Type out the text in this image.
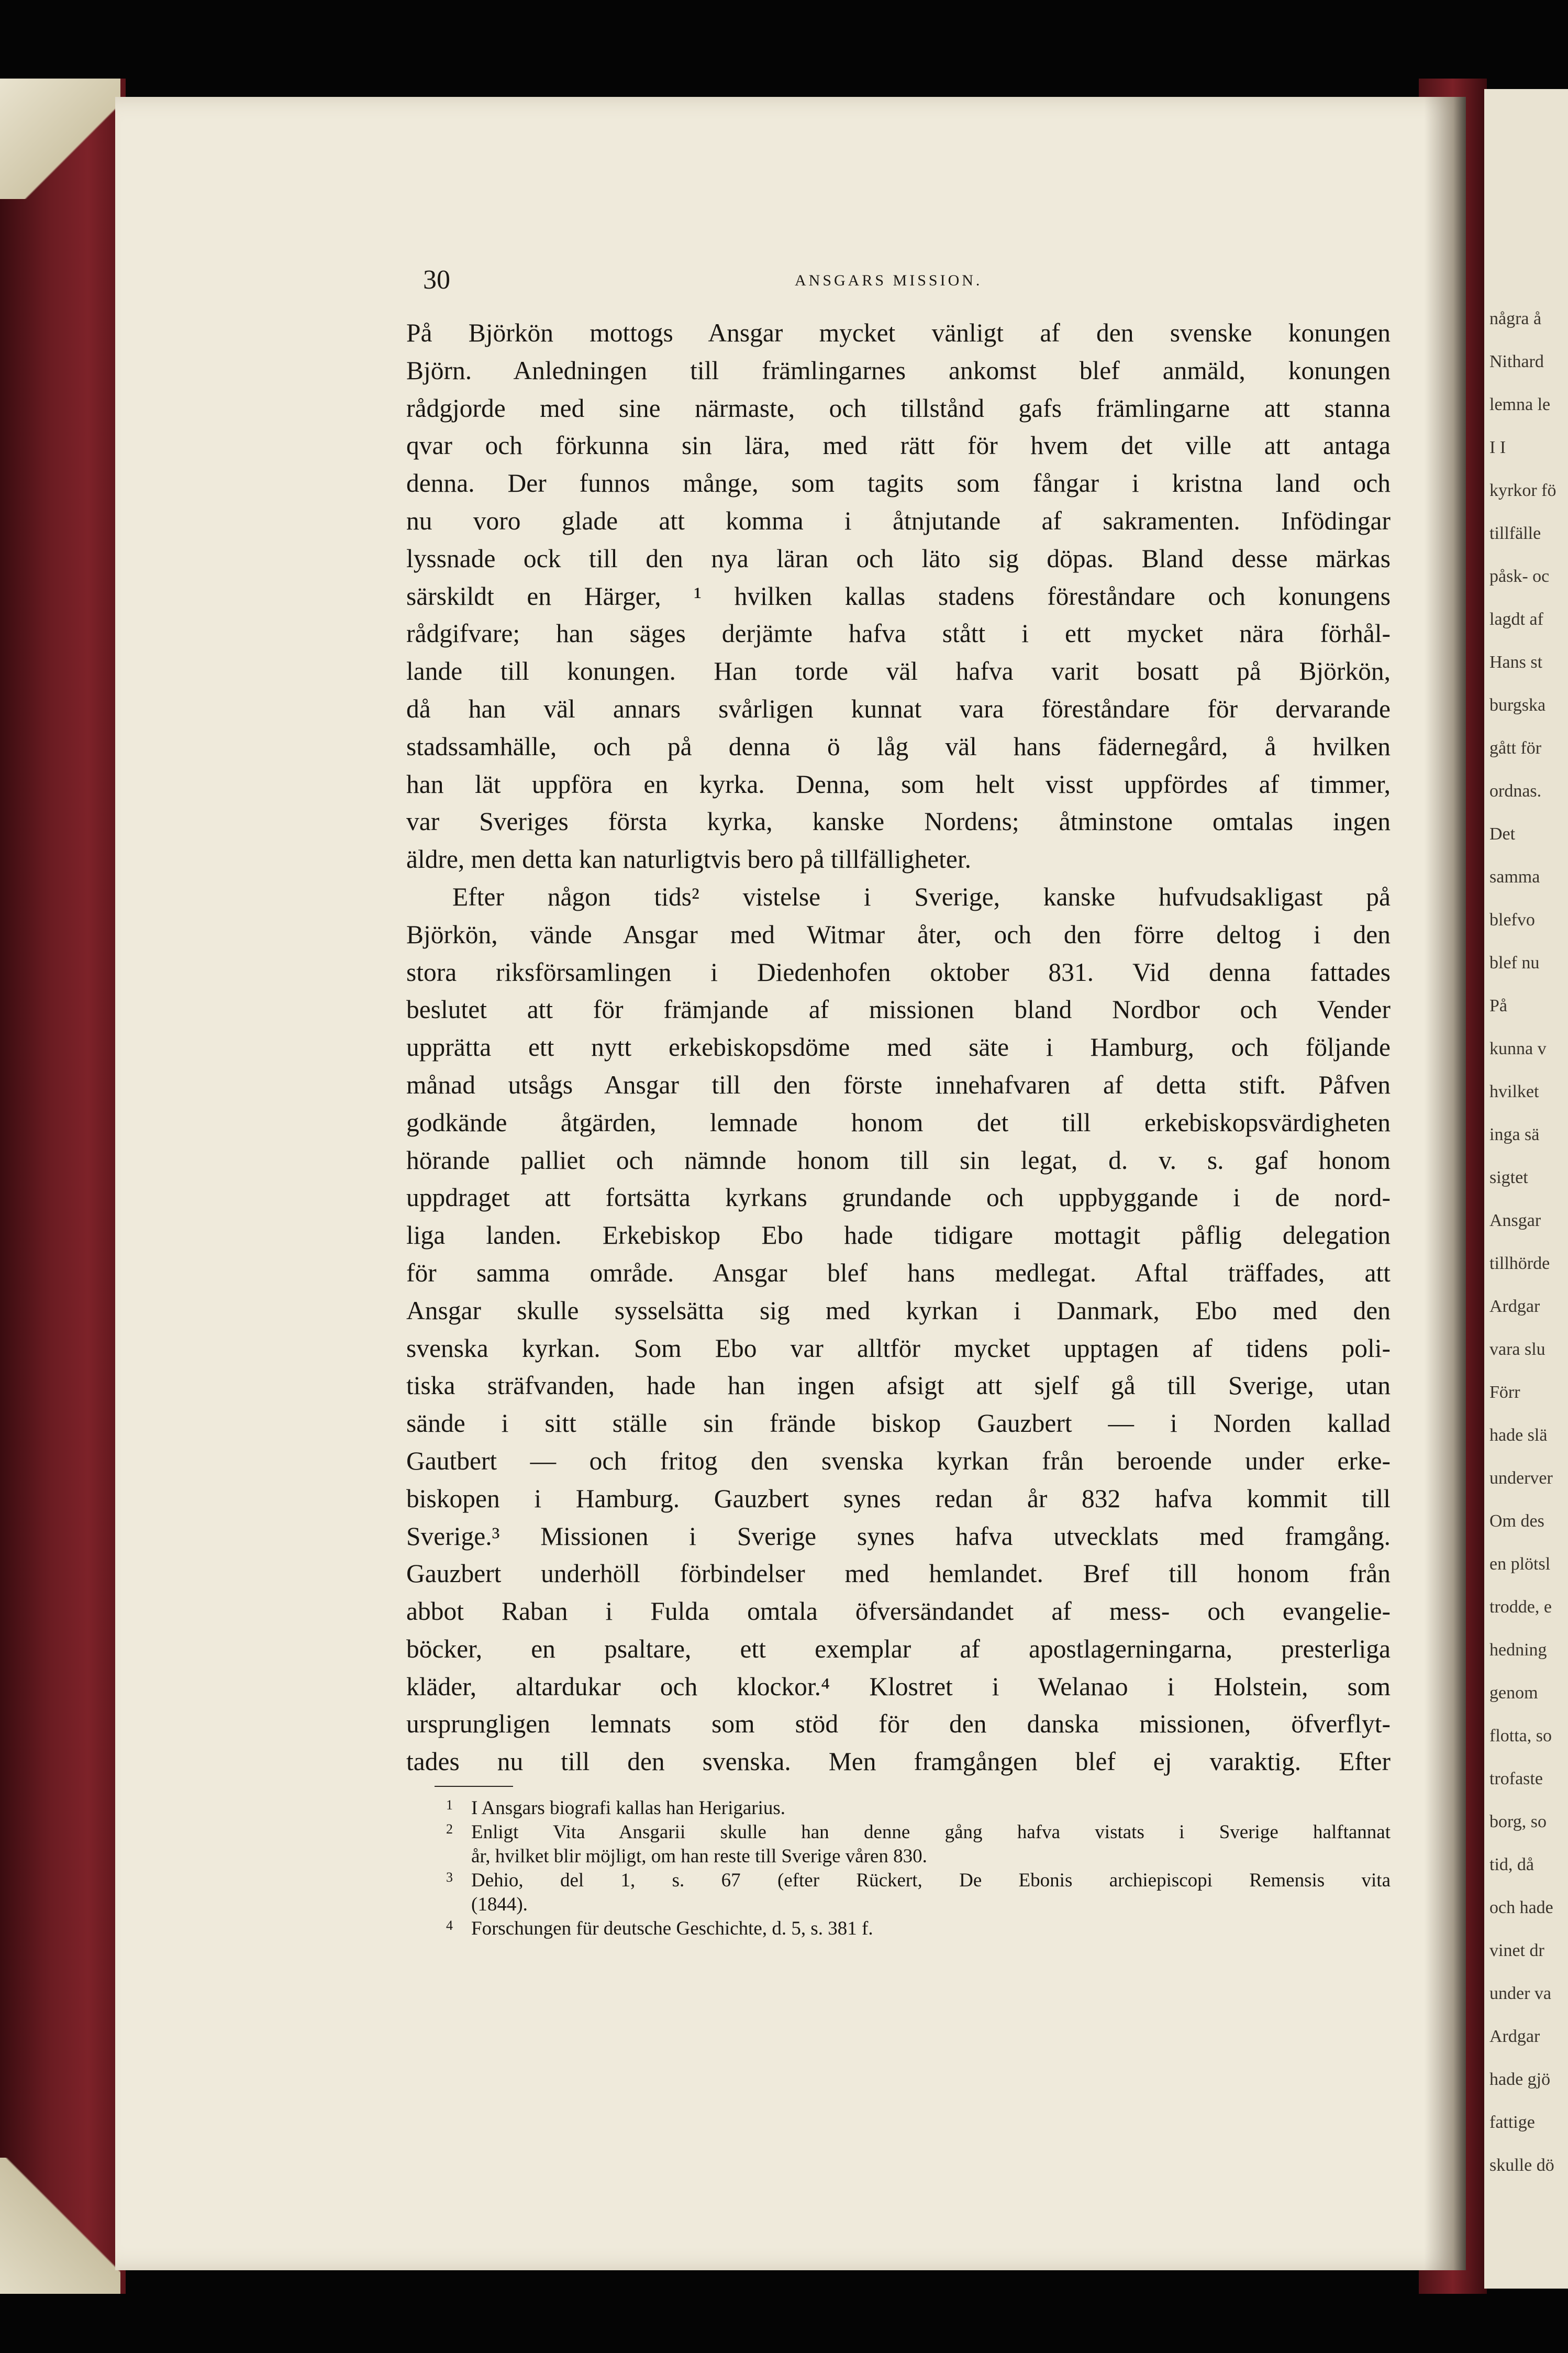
några å
Nithard
lemna le
I I
kyrkor fö
tillfälle
påsk- oc
lagdt af
Hans st
burgska
gått för
ordnas.
Det
samma
blefvo
blef nu
På
kunna v
hvilket
inga sä
sigtet
Ansgar
tillhörde
Ardgar
vara slu
Förr
hade slä
underver
Om des
en plötsl
trodde, e
hedning
genom
flotta, so
trofaste
borg, so
tid, då
och hade
vinet dr
under va
Ardgar
hade gjö
fattige
skulle dö
30	ANSGARS MISSION.
På Björkön mottogs Ansgar mycket vänligt af den svenske konungen
Björn. Anledningen till främlingarnes ankomst blef anmäld, konungen
rådgjorde med sine närmaste, och tillstånd gafs främlingarne att stanna
qvar och förkunna sin lära, med rätt för hvem det ville att antaga
denna. Der funnos månge, som tagits som fångar i kristna land och
nu voro glade att komma i åtnjutande af sakramenten. Infödingar
lyssnade ock till den nya läran och läto sig döpas. Bland desse märkas
särskildt en Härger, ¹ hvilken kallas stadens föreståndare och konungens
rådgifvare; han säges derjämte hafva stått i ett mycket nära förhål-
lande till konungen. Han torde väl hafva varit bosatt på Björkön,
då han väl annars svårligen kunnat vara föreståndare för dervarande
stadssamhälle, och på denna ö låg väl hans fädernegård, å hvilken
han lät uppföra en kyrka. Denna, som helt visst uppfördes af timmer,
var Sveriges första kyrka, kanske Nordens; åtminstone omtalas ingen
äldre, men detta kan naturligtvis bero på tillfälligheter.
Efter någon tids² vistelse i Sverige, kanske hufvudsakligast på
Björkön, vände Ansgar med Witmar åter, och den förre deltog i den
stora riksförsamlingen i Diedenhofen oktober 831. Vid denna fattades
beslutet att för främjande af missionen bland Nordbor och Vender
upprätta ett nytt erkebiskopsdöme med säte i Hamburg, och följande
månad utsågs Ansgar till den förste innehafvaren af detta stift. Påfven
godkände åtgärden, lemnade honom det till erkebiskopsvärdigheten
hörande palliet och nämnde honom till sin legat, d. v. s. gaf honom
uppdraget att fortsätta kyrkans grundande och uppbyggande i de nord-
liga landen. Erkebiskop Ebo hade tidigare mottagit påflig delegation
för samma område. Ansgar blef hans medlegat. Aftal träffades, att
Ansgar skulle sysselsätta sig med kyrkan i Danmark, Ebo med den
svenska kyrkan. Som Ebo var alltför mycket upptagen af tidens poli-
tiska sträfvanden, hade han ingen afsigt att sjelf gå till Sverige, utan
sände i sitt ställe sin frände biskop Gauzbert — i Norden kallad
Gautbert — och fritog den svenska kyrkan från beroende under erke-
biskopen i Hamburg. Gauzbert synes redan år 832 hafva kommit till
Sverige.³ Missionen i Sverige synes hafva utvecklats med framgång.
Gauzbert underhöll förbindelser med hemlandet. Bref till honom från
abbot Raban i Fulda omtala öfversändandet af mess- och evangelie-
böcker, en psaltare, ett exemplar af apostlagerningarna, presterliga
kläder, altardukar och klockor.⁴ Klostret i Welanao i Holstein, som
ursprungligen lemnats som stöd för den danska missionen, öfverflyt-
tades nu till den svenska. Men framgången blef ej varaktig. Efter
1 I Ansgars biografi kallas han Herigarius.
2 Enligt Vita Ansgarii skulle han denne gång hafva vistats i Sverige halftannat
år, hvilket blir möjligt, om han reste till Sverige våren 830.
3 Dehio, del 1, s. 67 (efter Rückert, De Ebonis archiepiscopi Remensis vita
(1844).
4 Forschungen für deutsche Geschichte, d. 5, s. 381 f.
